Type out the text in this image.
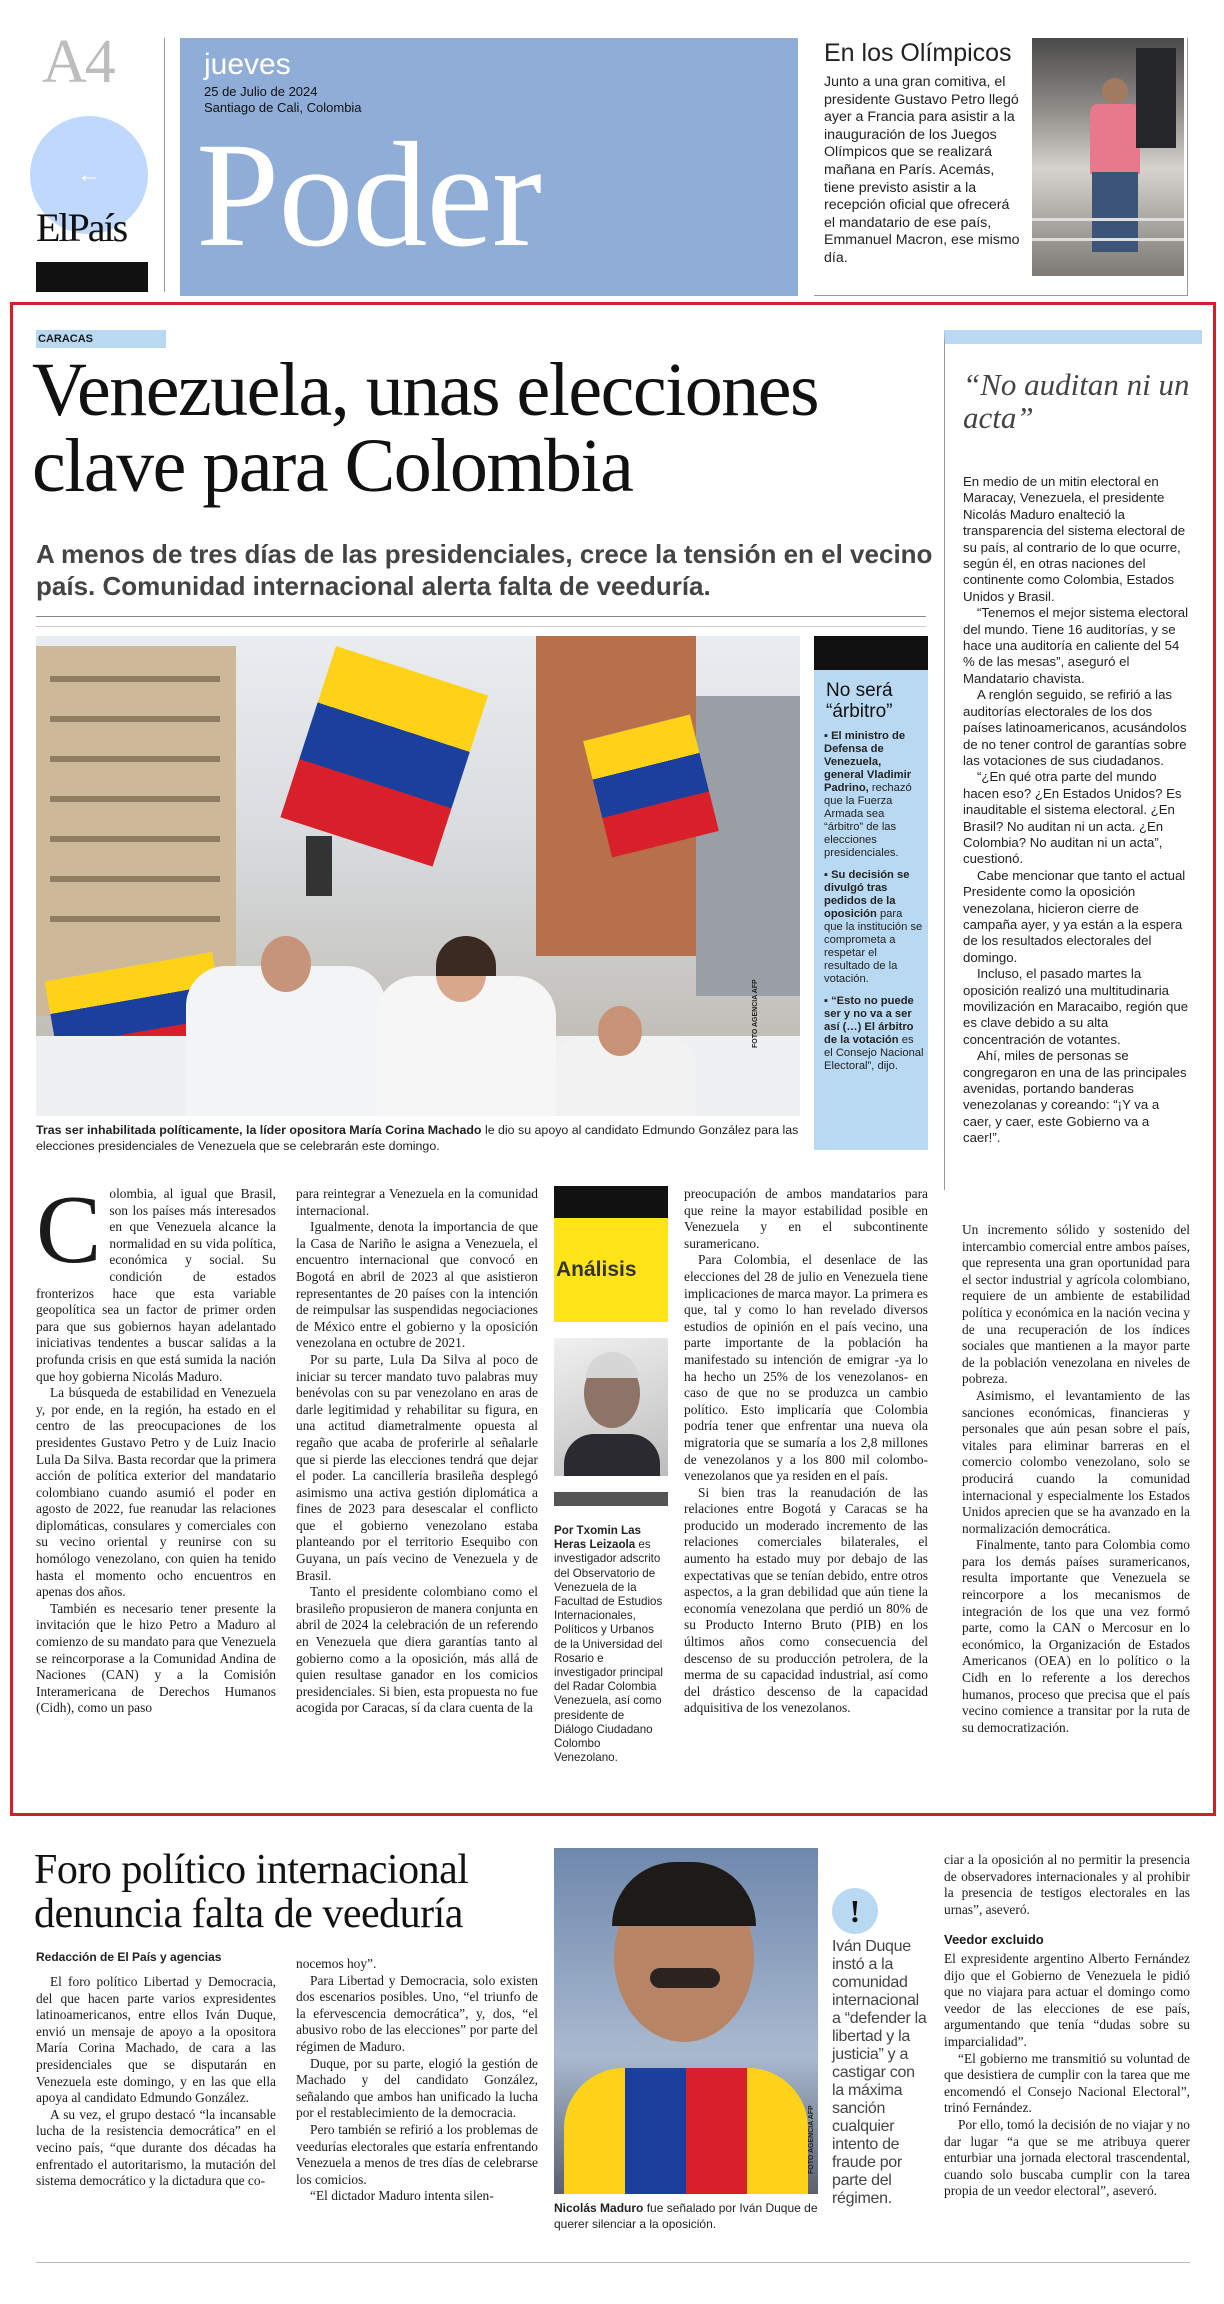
A4
←
ElPaís
jueves
25 de Julio de 2024
Santiago de Cali, Colombia
Poder
En los Olímpicos
Junto a una gran comitiva, el presidente Gustavo Petro llegó ayer a Francia para asistir a la inauguración de los Juegos Olímpicos que se realizará mañana en París. Acemás, tiene previsto asistir a la recepción oficial que ofrecerá el mandatario de ese país, Emmanuel Macron, ese mismo día.
CARACAS
Venezuela, unas elecciones clave para Colombia
A menos de tres días de las presidenciales, crece la tensión en el vecino país. Comunidad internacional alerta falta de veeduría.
FOTO AGENCIA AFP
Tras ser inhabilitada políticamente, la líder opositora María Corina Machado le dio su apoyo al candidato Edmundo González para las elecciones presidenciales de Venezuela que se celebrarán este domingo.
No será “árbitro”
▪ El ministro de Defensa de Venezuela, general Vladimir Padrino, rechazó que la Fuerza Armada sea “árbitro” de las elecciones presidenciales.
▪ Su decisión se divulgó tras pedidos de la oposición para que la institución se comprometa a respetar el resultado de la votación.
▪ “Esto no puede ser y no va a ser así (…) El árbitro de la votación es el Consejo Nacional Electoral”, dijo.
“No auditan ni un acta”

En medio de un mitin electoral en Maracay, Venezuela, el presidente Nicolás Maduro enalteció la transparencia del sistema electoral de su país, al contrario de lo que ocurre, según él, en otras naciones del continente como Colombia, Estados Unidos y Brasil.

“Tenemos el mejor sistema electoral del mundo. Tiene 16 auditorías, y se hace una auditoría en caliente del 54 % de las mesas”, aseguró el Mandatario chavista.

A renglón seguido, se refirió a las auditorías electorales de los dos países latinoamericanos, acusándolos de no tener control de garantías sobre las votaciones de sus ciudadanos.

“¿En qué otra parte del mundo hacen eso? ¿En Estados Unidos? Es inauditable el sistema electoral. ¿En Brasil? No auditan ni un acta. ¿En Colombia? No auditan ni un acta”, cuestionó.

Cabe mencionar que tanto el actual Presidente como la oposición venezolana, hicieron cierre de campaña ayer, y ya están a la espera de los resultados electorales del domingo.

Incluso, el pasado martes la oposición realizó una multitudinaria movilización en Maracaibo, región que es clave debido a su alta concentración de votantes.

Ahí, miles de personas se congregaron en una de las principales avenidas, portando banderas venezolanas y coreando: “¡Y va a caer, y caer, este Gobierno va a caer!”.

C olombia, al igual que Brasil, son los países más interesados en que Venezuela alcance la normalidad en su vida política, económica y social. Su condición de estados fronterizos hace que esta variable geopolítica sea un factor de primer orden para que sus gobiernos hayan adelantado iniciativas tendentes a buscar salidas a la profunda crisis en que está sumida la nación que hoy gobierna Nicolás Maduro.

La búsqueda de estabilidad en Venezuela y, por ende, en la región, ha estado en el centro de las preocupaciones de los presidentes Gustavo Petro y de Luiz Inacio Lula Da Silva. Basta recordar que la primera acción de política exterior del mandatario colombiano cuando asumió el poder en agosto de 2022, fue reanudar las relaciones diplomáticas, consulares y comerciales con su vecino oriental y reunirse con su homólogo venezolano, con quien ha tenido hasta el momento ocho encuentros en apenas dos años.

También es necesario tener presente la invitación que le hizo Petro a Maduro al comienzo de su mandato para que Venezuela se reincorporase a la Comunidad Andina de Naciones (CAN) y a la Comisión Interamericana de Derechos Humanos (Cidh), como un paso

para reintegrar a Venezuela en la comunidad internacional.

Igualmente, denota la importancia de que la Casa de Nariño le asigna a Venezuela, el encuentro internacional que convocó en Bogotá en abril de 2023 al que asistieron representantes de 20 países con la intención de reimpulsar las suspendidas negociaciones de México entre el gobierno y la oposición venezolana en octubre de 2021.

Por su parte, Lula Da Silva al poco de iniciar su tercer mandato tuvo palabras muy benévolas con su par venezolano en aras de darle legitimidad y rehabilitar su figura, en una actitud diametralmente opuesta al regaño que acaba de proferirle al señalarle que si pierde las elecciones tendrá que dejar el poder. La cancillería brasileña desplegó asimismo una activa gestión diplomática a fines de 2023 para desescalar el conflicto que el gobierno venezolano estaba planteando por el territorio Esequibo con Guyana, un país vecino de Venezuela y de Brasil.

Tanto el presidente colombiano como el brasileño propusieron de manera conjunta en abril de 2024 la celebración de un referendo en Venezuela que diera garantías tanto al gobierno como a la oposición, más allá de quien resultase ganador en los comicios presidenciales. Si bien, esta propuesta no fue acogida por Caracas, sí da clara cuenta de la

Análisis
Por Txomin Las Heras Leizaola es investigador adscrito del Observatorio de Venezuela de la Facultad de Estudios Internacionales, Políticos y Urbanos de la Universidad del Rosario e investigador principal del Radar Colombia Venezuela, así como presidente de Diálogo Ciudadano Colombo Venezolano.

preocupación de ambos mandatarios para que reine la mayor estabilidad posible en Venezuela y en el subcontinente suramericano.

Para Colombia, el desenlace de las elecciones del 28 de julio en Venezuela tiene implicaciones de marca mayor. La primera es que, tal y como lo han revelado diversos estudios de opinión en el país vecino, una parte importante de la población ha manifestado su intención de emigrar -ya lo ha hecho un 25% de los venezolanos- en caso de que no se produzca un cambio político. Esto implicaría que Colombia podría tener que enfrentar una nueva ola migratoria que se sumaría a los 2,8 millones de venezolanos y a los 800 mil colombo-venezolanos que ya residen en el país.

Si bien tras la reanudación de las relaciones entre Bogotá y Caracas se ha producido un moderado incremento de las relaciones comerciales bilaterales, el aumento ha estado muy por debajo de las expectativas que se tenían debido, entre otros aspectos, a la gran debilidad que aún tiene la economía venezolana que perdió un 80% de su Producto Interno Bruto (PIB) en los últimos años como consecuencia del descenso de su producción petrolera, de la merma de su capacidad industrial, así como del drástico descenso de la capacidad adquisitiva de los venezolanos.

Un incremento sólido y sostenido del intercambio comercial entre ambos países, que representa una gran oportunidad para el sector industrial y agrícola colombiano, requiere de un ambiente de estabilidad política y económica en la nación vecina y de una recuperación de los índices sociales que mantienen a la mayor parte de la población venezolana en niveles de pobreza.

Asimismo, el levantamiento de las sanciones económicas, financieras y personales que aún pesan sobre el país, vitales para eliminar barreras en el comercio colombo venezolano, solo se producirá cuando la comunidad internacional y especialmente los Estados Unidos aprecien que se ha avanzado en la normalización democrática.

Finalmente, tanto para Colombia como para los demás países suramericanos, resulta importante que Venezuela se reincorpore a los mecanismos de integración de los que una vez formó parte, como la CAN o Mercosur en lo económico, la Organización de Estados Americanos (OEA) en lo político o la Cidh en lo referente a los derechos humanos, proceso que precisa que el país vecino comience a transitar por la ruta de su democratización.

Foro político internacional denuncia falta de veeduría
Redacción de El País y agencias

El foro político Libertad y Democracia, del que hacen parte varios expresidentes latinoamericanos, entre ellos Iván Duque, envió un mensaje de apoyo a la opositora María Corina Machado, de cara a las presidenciales que se disputarán en Venezuela este domingo, y en las que ella apoya al candidato Edmundo González.

A su vez, el grupo destacó “la incansable lucha de la resistencia democrática” en el vecino país, “que durante dos décadas ha enfrentado el autoritarismo, la mutación del sistema democrático y la dictadura que co-

nocemos hoy”.

Para Libertad y Democracia, solo existen dos escenarios posibles. Uno, “el triunfo de la efervescencia democrática”, y, dos, “el abusivo robo de las elecciones” por parte del régimen de Maduro.

Duque, por su parte, elogió la gestión de Machado y del candidato González, señalando que ambos han unificado la lucha por el restablecimiento de la democracia.

Pero también se refirió a los problemas de veedurías electorales que estaría enfrentando Venezuela a menos de tres días de celebrarse los comicios.

“El dictador Maduro intenta silen-

FOTO AGENCIA AFP
Nicolás Maduro fue señalado por Iván Duque de querer silenciar a la oposición.
!
Iván Duque instó a la comunidad internacional a “defender la libertad y la justicia” y a castigar con la máxima sanción cualquier intento de fraude por parte del régimen.

ciar a la oposición al no permitir la presencia de observadores internacionales y al prohibir la presencia de testigos electorales en las urnas”, aseveró.

Veedor excluido

El expresidente argentino Alberto Fernández dijo que el Gobierno de Venezuela le pidió que no viajara para actuar el domingo como veedor de las elecciones de ese país, argumentando que tenía “dudas sobre su imparcialidad”.

“El gobierno me transmitió su voluntad de que desistiera de cumplir con la tarea que me encomendó el Consejo Nacional Electoral”, trinó Fernández.

Por ello, tomó la decisión de no viajar y no dar lugar “a que se me atribuya querer enturbiar una jornada electoral trascendental, cuando solo buscaba cumplir con la tarea propia de un veedor electoral”, aseveró.
